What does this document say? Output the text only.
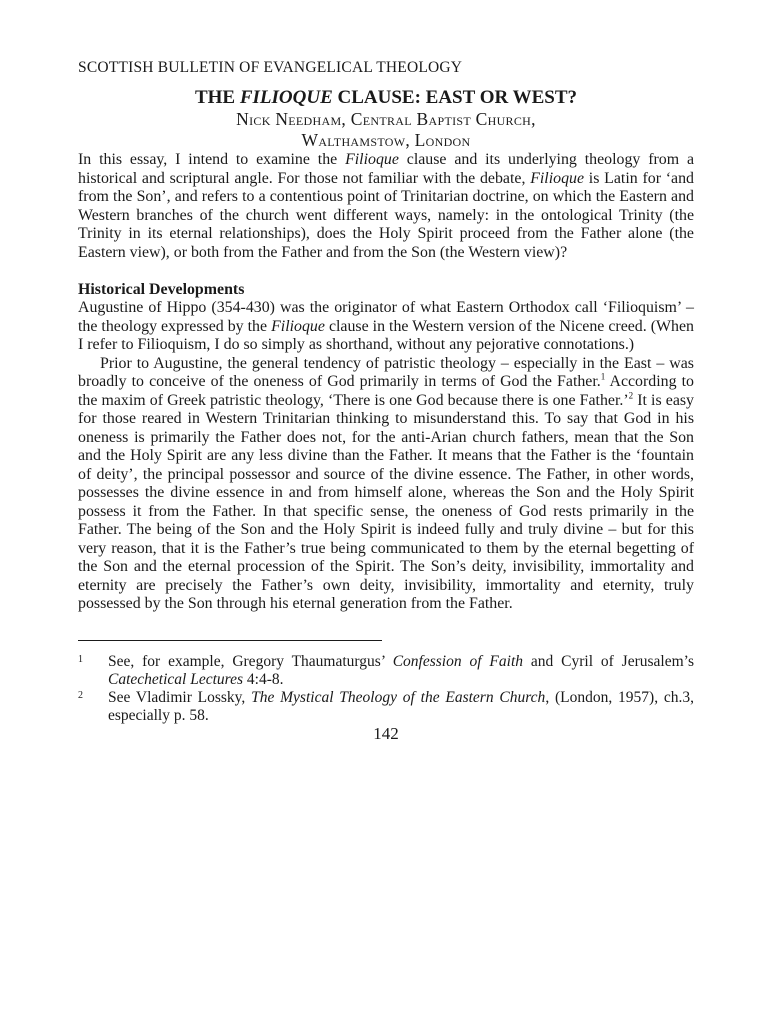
SCOTTISH BULLETIN OF EVANGELICAL THEOLOGY
THE FILIOQUE CLAUSE: EAST OR WEST?
Nick Needham, Central Baptist Church,
Walthamstow, London

In this essay, I intend to examine the Filioque clause and its underlying theology from a historical and scriptural angle. For those not familiar with the debate, Filioque is Latin for ‘and from the Son’, and refers to a contentious point of Trinitarian doctrine, on which the Eastern and Western branches of the church went different ways, namely: in the ontological Trinity (the Trinity in its eternal relationships), does the Holy Spirit proceed from the Father alone (the Eastern view), or both from the Father and from the Son (the Western view)?

Historical Developments

Augustine of Hippo (354-430) was the originator of what Eastern Orthodox call ‘Filioquism’ – the theology expressed by the Filioque clause in the Western version of the Nicene creed. (When I refer to Filioquism, I do so simply as shorthand, without any pejorative connotations.)

Prior to Augustine, the general tendency of patristic theology – especially in the East – was broadly to conceive of the oneness of God primarily in terms of God the Father.$^1$ According to the maxim of Greek patristic theology, ‘There is one God because there is one Father.’$^2$ It is easy for those reared in Western Trinitarian thinking to misunderstand this. To say that God in his oneness is primarily the Father does not, for the anti-Arian church fathers, mean that the Son and the Holy Spirit are any less divine than the Father. It means that the Father is the ‘fountain of deity’, the principal possessor and source of the divine essence. The Father, in other words, possesses the divine essence in and from himself alone, whereas the Son and the Holy Spirit possess it from the Father. In that specific sense, the oneness of God rests primarily in the Father. The being of the Son and the Holy Spirit is indeed fully and truly divine – but for this very reason, that it is the Father’s true being communicated to them by the eternal begetting of the Son and the eternal procession of the Spirit. The Son’s deity, invisibility, immortality and eternity are precisely the Father’s own deity, invisibility, immortality and eternity, truly possessed by the Son through his eternal generation from the Father.

1	See, for example, Gregory Thaumaturgus’ Confession of Faith and Cyril of Jerusalem’s Catechetical Lectures 4:4-8.
2	See Vladimir Lossky, The Mystical Theology of the Eastern Church, (London, 1957), ch.3, especially p. 58.
142
